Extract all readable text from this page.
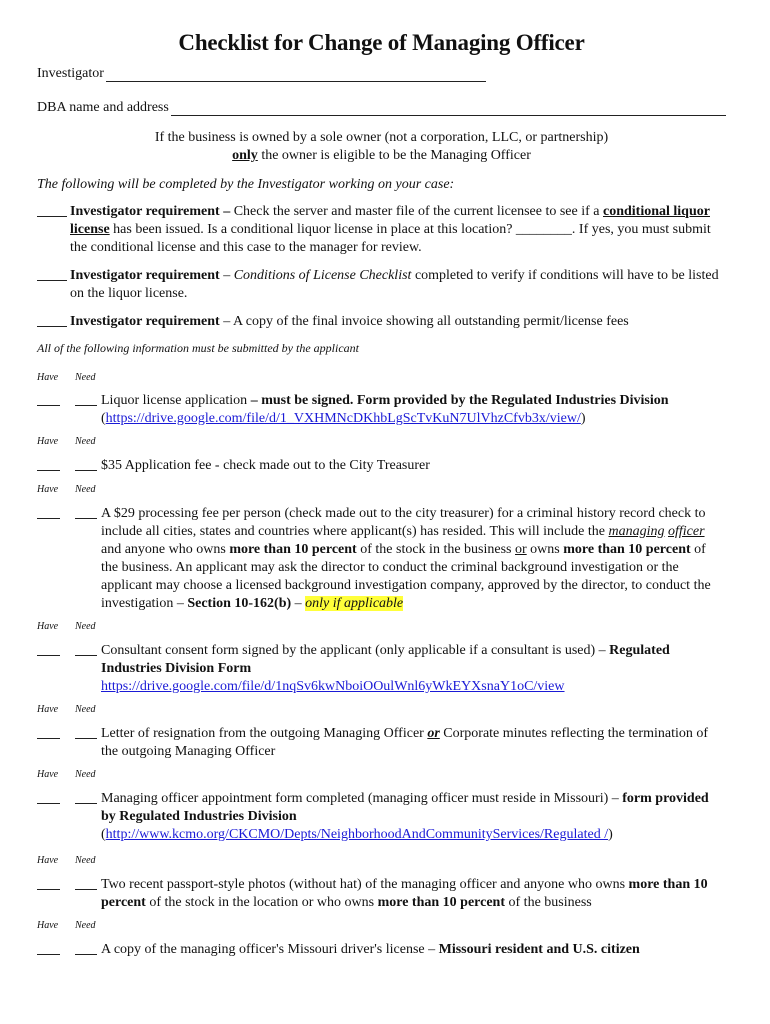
Checklist for Change of Managing Officer
Investigator
DBA name and address
If the business is owned by a sole owner (not a corporation, LLC, or partnership)
only the owner is eligible to be the Managing Officer
The following will be completed by the Investigator working on your case:
Investigator requirement – Check the server and master file of the current licensee to see if a conditional liquor license has been issued. Is a conditional liquor license in place at this location? ________. If yes, you must submit the conditional license and this case to the manager for review.
Investigator requirement – Conditions of License Checklist completed to verify if conditions will have to be listed on the liquor license.
Investigator requirement – A copy of the final invoice showing all outstanding permit/license fees
All of the following information must be submitted by the applicant
Have	Need
Liquor license application – must be signed. Form provided by the Regulated Industries Division
(https://drive.google.com/file/d/1_VXHMNcDKhbLgScTvKuN7UlVhzCfvb3x/view/)
Have	Need
$35 Application fee - check made out to the City Treasurer
Have	Need
A $29 processing fee per person (check made out to the city treasurer) for a criminal history record check to include all cities, states and countries where applicant(s) has resided. This will include the managing officer and anyone who owns more than 10 percent of the stock in the business or owns more than 10 percent of the business. An applicant may ask the director to conduct the criminal background investigation or the applicant may choose a licensed background investigation company, approved by the director, to conduct the investigation – Section 10-162(b) – only if applicable
Have	Need
Consultant consent form signed by the applicant (only applicable if a consultant is used) – Regulated Industries Division Form
https://drive.google.com/file/d/1nqSv6kwNboiOOulWnl6yWkEYXsnaY1oC/view
Have	Need
Letter of resignation from the outgoing Managing Officer or Corporate minutes reflecting the termination of the outgoing Managing Officer
Have	Need
Managing officer appointment form completed (managing officer must reside in Missouri) – form provided by Regulated Industries Division
(http://www.kcmo.org/CKCMO/Depts/NeighborhoodAndCommunityServices/Regulated /)
Have	Need
Two recent passport-style photos (without hat) of the managing officer and anyone who owns more than 10 percent of the stock in the location or who owns more than 10 percent of the business
Have	Need
A copy of the managing officer's Missouri driver's license – Missouri resident and U.S. citizen
